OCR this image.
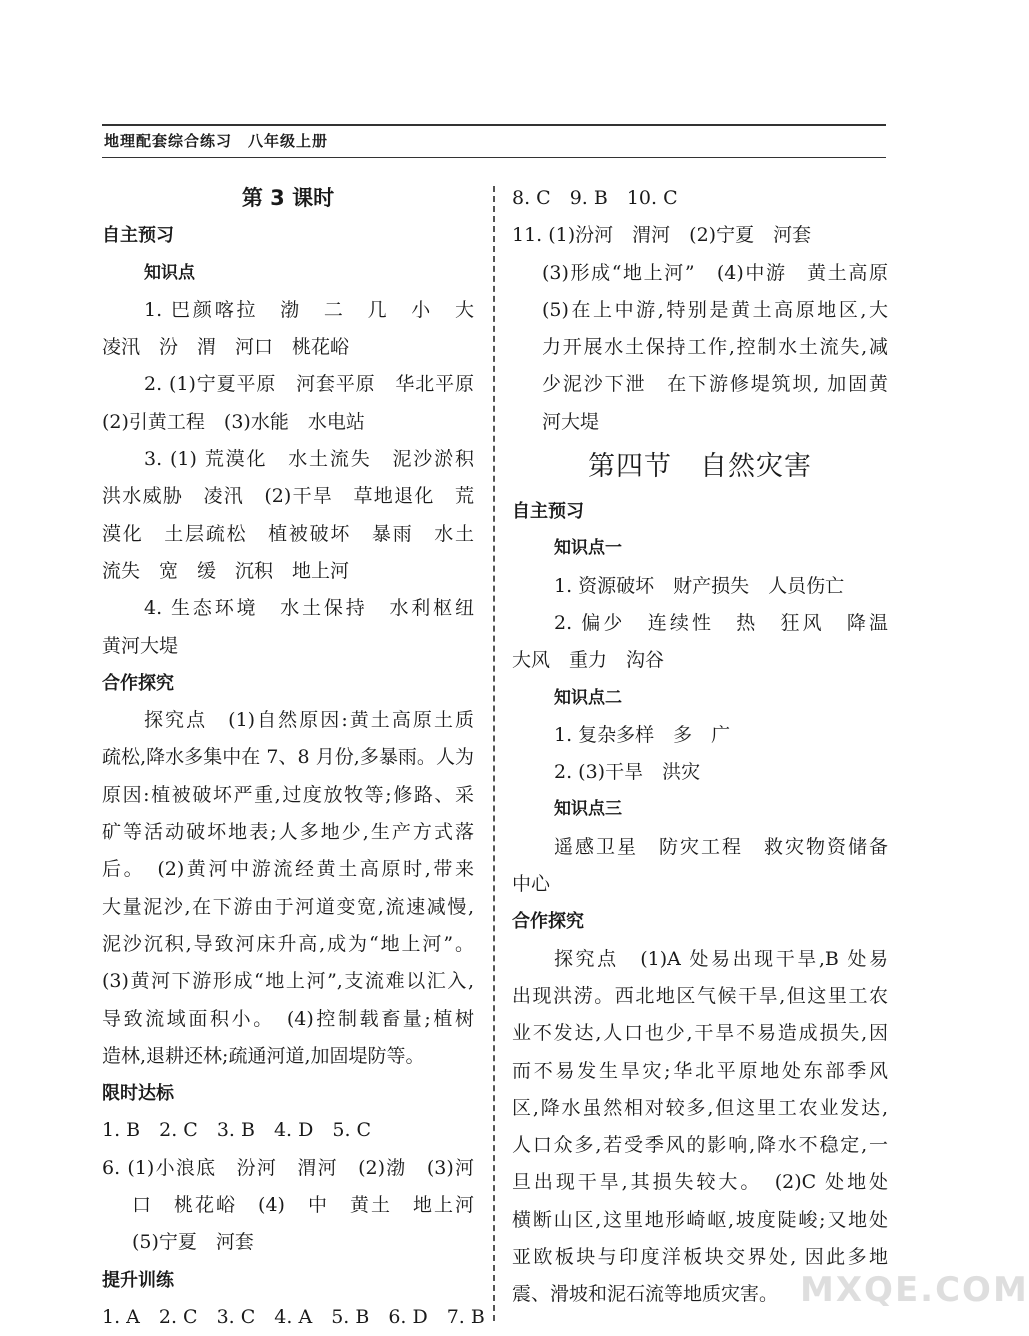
地理配套综合练习　八年级上册
第 3 课时
自主预习
知识点
1. 巴颜喀拉　渤　二　几　小　大
凌汛　汾　渭　河口　桃花峪
2. (1)宁夏平原　河套平原　华北平原
(2)引黄工程　(3)水能　水电站
3. (1) 荒漠化　水土流失　泥沙淤积
洪水威胁　凌汛　(2)干旱　草地退化　荒
漠化　土层疏松　植被破坏　暴雨　水土
流失　宽　缓　沉积　地上河
4. 生态环境　水土保持　水利枢纽
黄河大堤
合作探究
探究点　(1)自然原因:黄土高原土质
疏松,降水多集中在 7、8 月份,多暴雨。人为
原因:植被破坏严重,过度放牧等;修路、采
矿等活动破坏地表;人多地少,生产方式落
后。　(2)黄河中游流经黄土高原时,带来
大量泥沙,在下游由于河道变宽,流速减慢,
泥沙沉积,导致河床升高,成为“地上河”。
(3)黄河下游形成“地上河”,支流难以汇入,
导致流域面积小。　(4)控制载畜量;植树
造林,退耕还林;疏通河道,加固堤防等。
限时达标
1. B　2. C　3. B　4. D　5. C
6. (1)小浪底　汾河　渭河　(2)渤　(3)河
口　桃花峪　(4)　中　黄土　地上河
(5)宁夏　河套
提升训练
1. A　2. C　3. C　4. A　5. B　6. D　7. B
8. C　9. B　10. C
11. (1)汾河　渭河　(2)宁夏　河套
(3)形成“地上河”　(4)中游　黄土高原
(5)在上中游,特别是黄土高原地区,大
力开展水土保持工作,控制水土流失,减
少泥沙下泄　在下游修堤筑坝, 加固黄
河大堤
第四节　自然灾害
自主预习
知识点一
1. 资源破坏　财产损失　人员伤亡
2. 偏少　连续性　热　狂风　降温
大风　重力　沟谷
知识点二
1. 复杂多样　多　广
2. (3)干旱　洪灾
知识点三
遥感卫星　防灾工程　救灾物资储备
中心
合作探究
探究点　(1)A 处易出现干旱,B 处易
出现洪涝。西北地区气候干旱,但这里工农
业不发达,人口也少,干旱不易造成损失,因
而不易发生旱灾;华北平原地处东部季风
区,降水虽然相对较多,但这里工农业发达,
人口众多,若受季风的影响,降水不稳定,一
旦出现干旱,其损失较大。　(2)C 处地处
横断山区,这里地形崎岖,坡度陡峻;又地处
亚欧板块与印度洋板块交界处, 因此多地
震、滑坡和泥石流等地质灾害。 MXQE.COM
